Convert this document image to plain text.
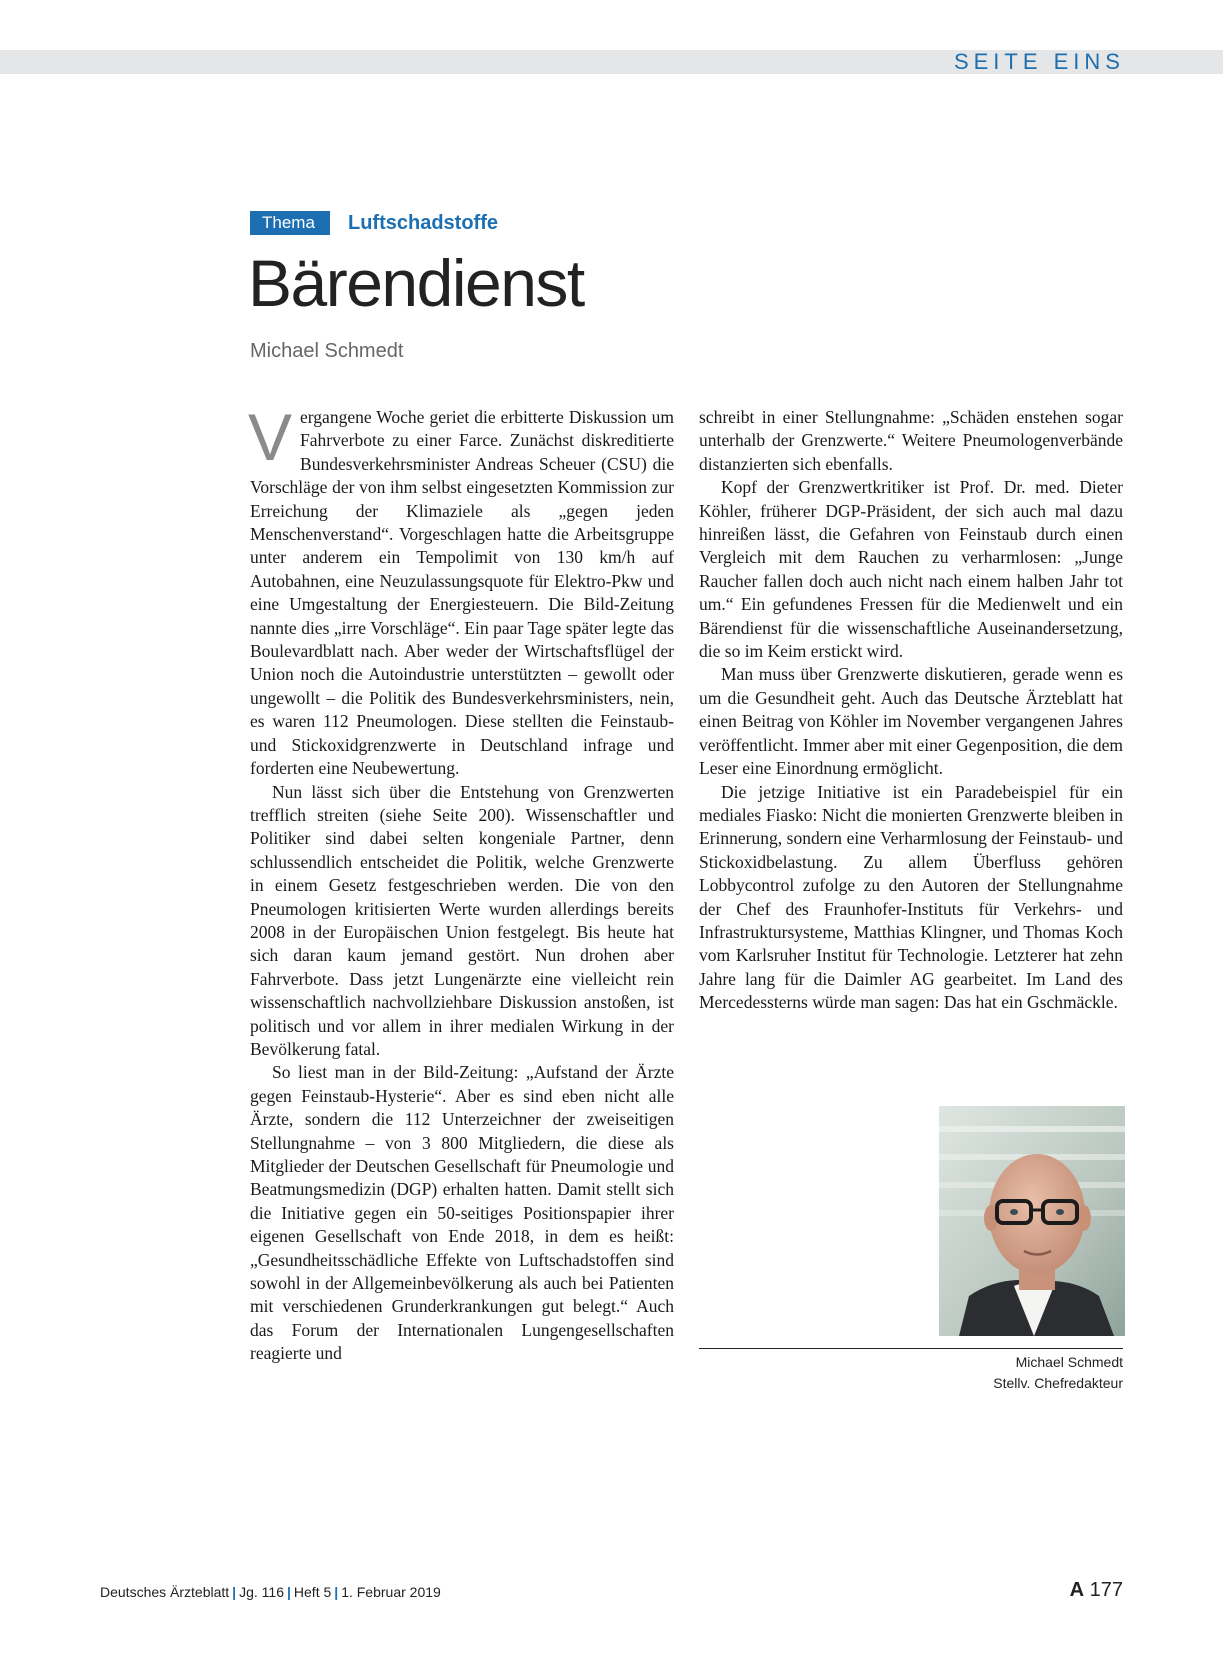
SEITE EINS
Thema	Luftschadstoffe
Bärendienst
Michael Schmedt

Vergangene Woche geriet die erbitterte Diskussion um Fahrverbote zu einer Farce. Zunächst diskreditierte Bundesverkehrsminister Andreas Scheuer (CSU) die Vorschläge der von ihm selbst eingesetzten Kommission zur Erreichung der Klimaziele als „gegen jeden Menschenverstand“. Vorgeschlagen hatte die Arbeitsgruppe unter anderem ein Tempolimit von 130 km/h auf Autobahnen, eine Neuzulassungsquote für Elektro-Pkw und eine Umgestaltung der Energiesteuern. Die Bild-Zeitung nannte dies „irre Vorschläge“. Ein paar Tage später legte das Boulevardblatt nach. Aber weder der Wirtschaftsflügel der Union noch die Autoindustrie unterstützten – gewollt oder ungewollt – die Politik des Bundesverkehrsministers, nein, es waren 112 Pneumologen. Diese stellten die Feinstaub- und Stickoxidgrenzwerte in Deutschland infrage und forderten eine Neubewertung.

Nun lässt sich über die Entstehung von Grenzwerten trefflich streiten (siehe Seite 200). Wissenschaftler und Politiker sind dabei selten kongeniale Partner, denn schlussendlich entscheidet die Politik, welche Grenzwerte in einem Gesetz festgeschrieben werden. Die von den Pneumologen kritisierten Werte wurden allerdings bereits 2008 in der Europäischen Union festgelegt. Bis heute hat sich daran kaum jemand gestört. Nun drohen aber Fahrverbote. Dass jetzt Lungenärzte eine vielleicht rein wissenschaftlich nachvollziehbare Diskussion anstoßen, ist politisch und vor allem in ihrer medialen Wirkung in der Bevölkerung fatal.

So liest man in der Bild-Zeitung: „Aufstand der Ärzte gegen Feinstaub-Hysterie“. Aber es sind eben nicht alle Ärzte, sondern die 112 Unterzeichner der zweiseitigen Stellungnahme – von 3 800 Mitgliedern, die diese als Mitglieder der Deutschen Gesellschaft für Pneumologie und Beatmungsmedizin (DGP) erhalten hatten. Damit stellt sich die Initiative gegen ein 50-seitiges Positionspapier ihrer eigenen Gesellschaft von Ende 2018, in dem es heißt: „Gesundheitsschädliche Effekte von Luftschadstoffen sind sowohl in der Allgemeinbevölkerung als auch bei Patienten mit verschiedenen Grunderkrankungen gut belegt.“ Auch das Forum der Internationalen Lungengesellschaften reagierte und

schreibt in einer Stellungnahme: „Schäden enstehen sogar unterhalb der Grenzwerte.“ Weitere Pneumologenverbände distanzierten sich ebenfalls.

Kopf der Grenzwertkritiker ist Prof. Dr. med. Dieter Köhler, früherer DGP-Präsident, der sich auch mal dazu hinreißen lässt, die Gefahren von Feinstaub durch einen Vergleich mit dem Rauchen zu verharmlosen: „Junge Raucher fallen doch auch nicht nach einem halben Jahr tot um.“ Ein gefundenes Fressen für die Medienwelt und ein Bärendienst für die wissenschaftliche Auseinandersetzung, die so im Keim erstickt wird.

Man muss über Grenzwerte diskutieren, gerade wenn es um die Gesundheit geht. Auch das Deutsche Ärzteblatt hat einen Beitrag von Köhler im November vergangenen Jahres veröffentlicht. Immer aber mit einer Gegenposition, die dem Leser eine Einordnung ermöglicht.

Die jetzige Initiative ist ein Paradebeispiel für ein mediales Fiasko: Nicht die monierten Grenzwerte bleiben in Erinnerung, sondern eine Verharmlosung der Feinstaub- und Stickoxidbelastung. Zu allem Überfluss gehören Lobbycontrol zufolge zu den Autoren der Stellungnahme der Chef des Fraunhofer-Instituts für Verkehrs- und Infrastruktursysteme, Matthias Klingner, und Thomas Koch vom Karlsruher Institut für Technologie. Letzterer hat zehn Jahre lang für die Daimler AG gearbeitet. Im Land des Mercedessterns würde man sagen: Das hat ein Gschmäckle.

Michael Schmedt
Stellv. Chefredakteur
Deutsches Ärzteblatt | Jg. 116 | Heft 5 | 1. Februar 2019	A 177
